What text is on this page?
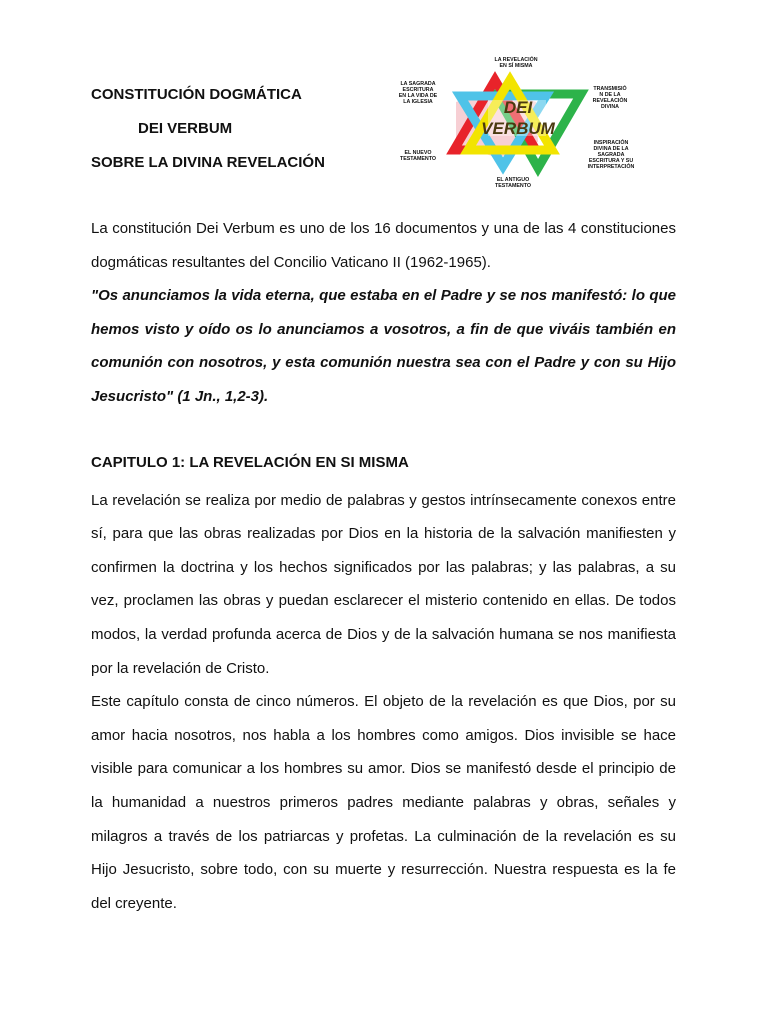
CONSTITUCIÓN DOGMÁTICA
DEI VERBUM
SOBRE LA DIVINA REVELACIÓN
DEI
VERBUM
LA REVELACIÓN
EN SÍ MISMA
LA SAGRADA
ESCRITURA
EN LA VIDA DE
LA IGLESIA
TRANSMISIÓ
N DE LA
REVELACIÓN
DIVINA
EL NUEVO
TESTAMENTO
INSPIRACIÓN
DIVINA DE LA
SAGRADA
ESCRITURA Y SU
INTERPRETACIÓN
EL ANTIGUO
TESTAMENTO

La constitución Dei Verbum es uno de los 16 documentos y una de las 4 constituciones dogmáticas resultantes del Concilio Vaticano II (1962-1965).

"Os anunciamos la vida eterna, que estaba en el Padre y se nos manifestó: lo que hemos visto y oído os lo anunciamos a vosotros, a fin de que viváis también en comunión con nosotros, y esta comunión nuestra sea con el Padre y con su Hijo Jesucristo" (1 Jn., 1,2-3).

CAPITULO 1: LA REVELACIÓN EN SI MISMA

La revelación se realiza por medio de palabras y gestos intrínsecamente conexos entre sí, para que las obras realizadas por Dios en la historia de la salvación manifiesten y confirmen la doctrina y los hechos significados por las palabras; y las palabras, a su vez, proclamen las obras y puedan esclarecer el misterio contenido en ellas. De todos modos, la verdad profunda acerca de Dios y de la salvación humana se nos manifiesta por la revelación de Cristo.

Este capítulo consta de cinco números. El objeto de la revelación es que Dios, por su amor hacia nosotros, nos habla a los hombres como amigos. Dios invisible se hace visible para comunicar a los hombres su amor. Dios se manifestó desde el principio de la humanidad a nuestros primeros padres mediante palabras y obras, señales y milagros a través de los patriarcas y profetas. La culminación de la revelación es su Hijo Jesucristo, sobre todo, con su muerte y resurrección. Nuestra respuesta es la fe del creyente.
